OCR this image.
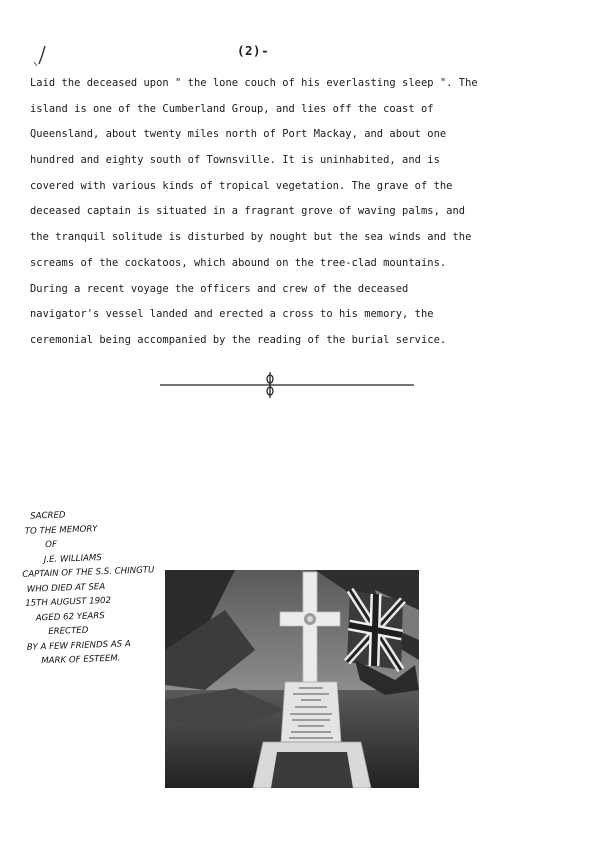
(2)-
Laid the deceased upon " the lone couch of his everlasting sleep ". The
island is one of the Cumberland Group, and lies off the coast of
Queensland, about twenty miles north of Port Mackay, and about one
hundred and eighty south of Townsville. It is uninhabited, and is
covered with various kinds of tropical vegetation. The grave of the
deceased captain is situated in a fragrant grove of waving palms, and
the tranquil solitude is disturbed by nought but the sea winds and the
screams of the cockatoos, which abound on the tree-clad mountains.
During a recent voyage the officers and crew of the deceased
navigator's vessel landed and erected a cross to his memory, the
ceremonial being accompanied by the reading of the burial service.
SACRED
TO THE MEMORY
OF
J.E. WILLIAMS
CAPTAIN OF THE S.S. CHINGTU
WHO DIED AT SEA
15TH AUGUST 1902
AGED 62 YEARS
ERECTED
BY A FEW FRIENDS AS A
MARK OF ESTEEM.
